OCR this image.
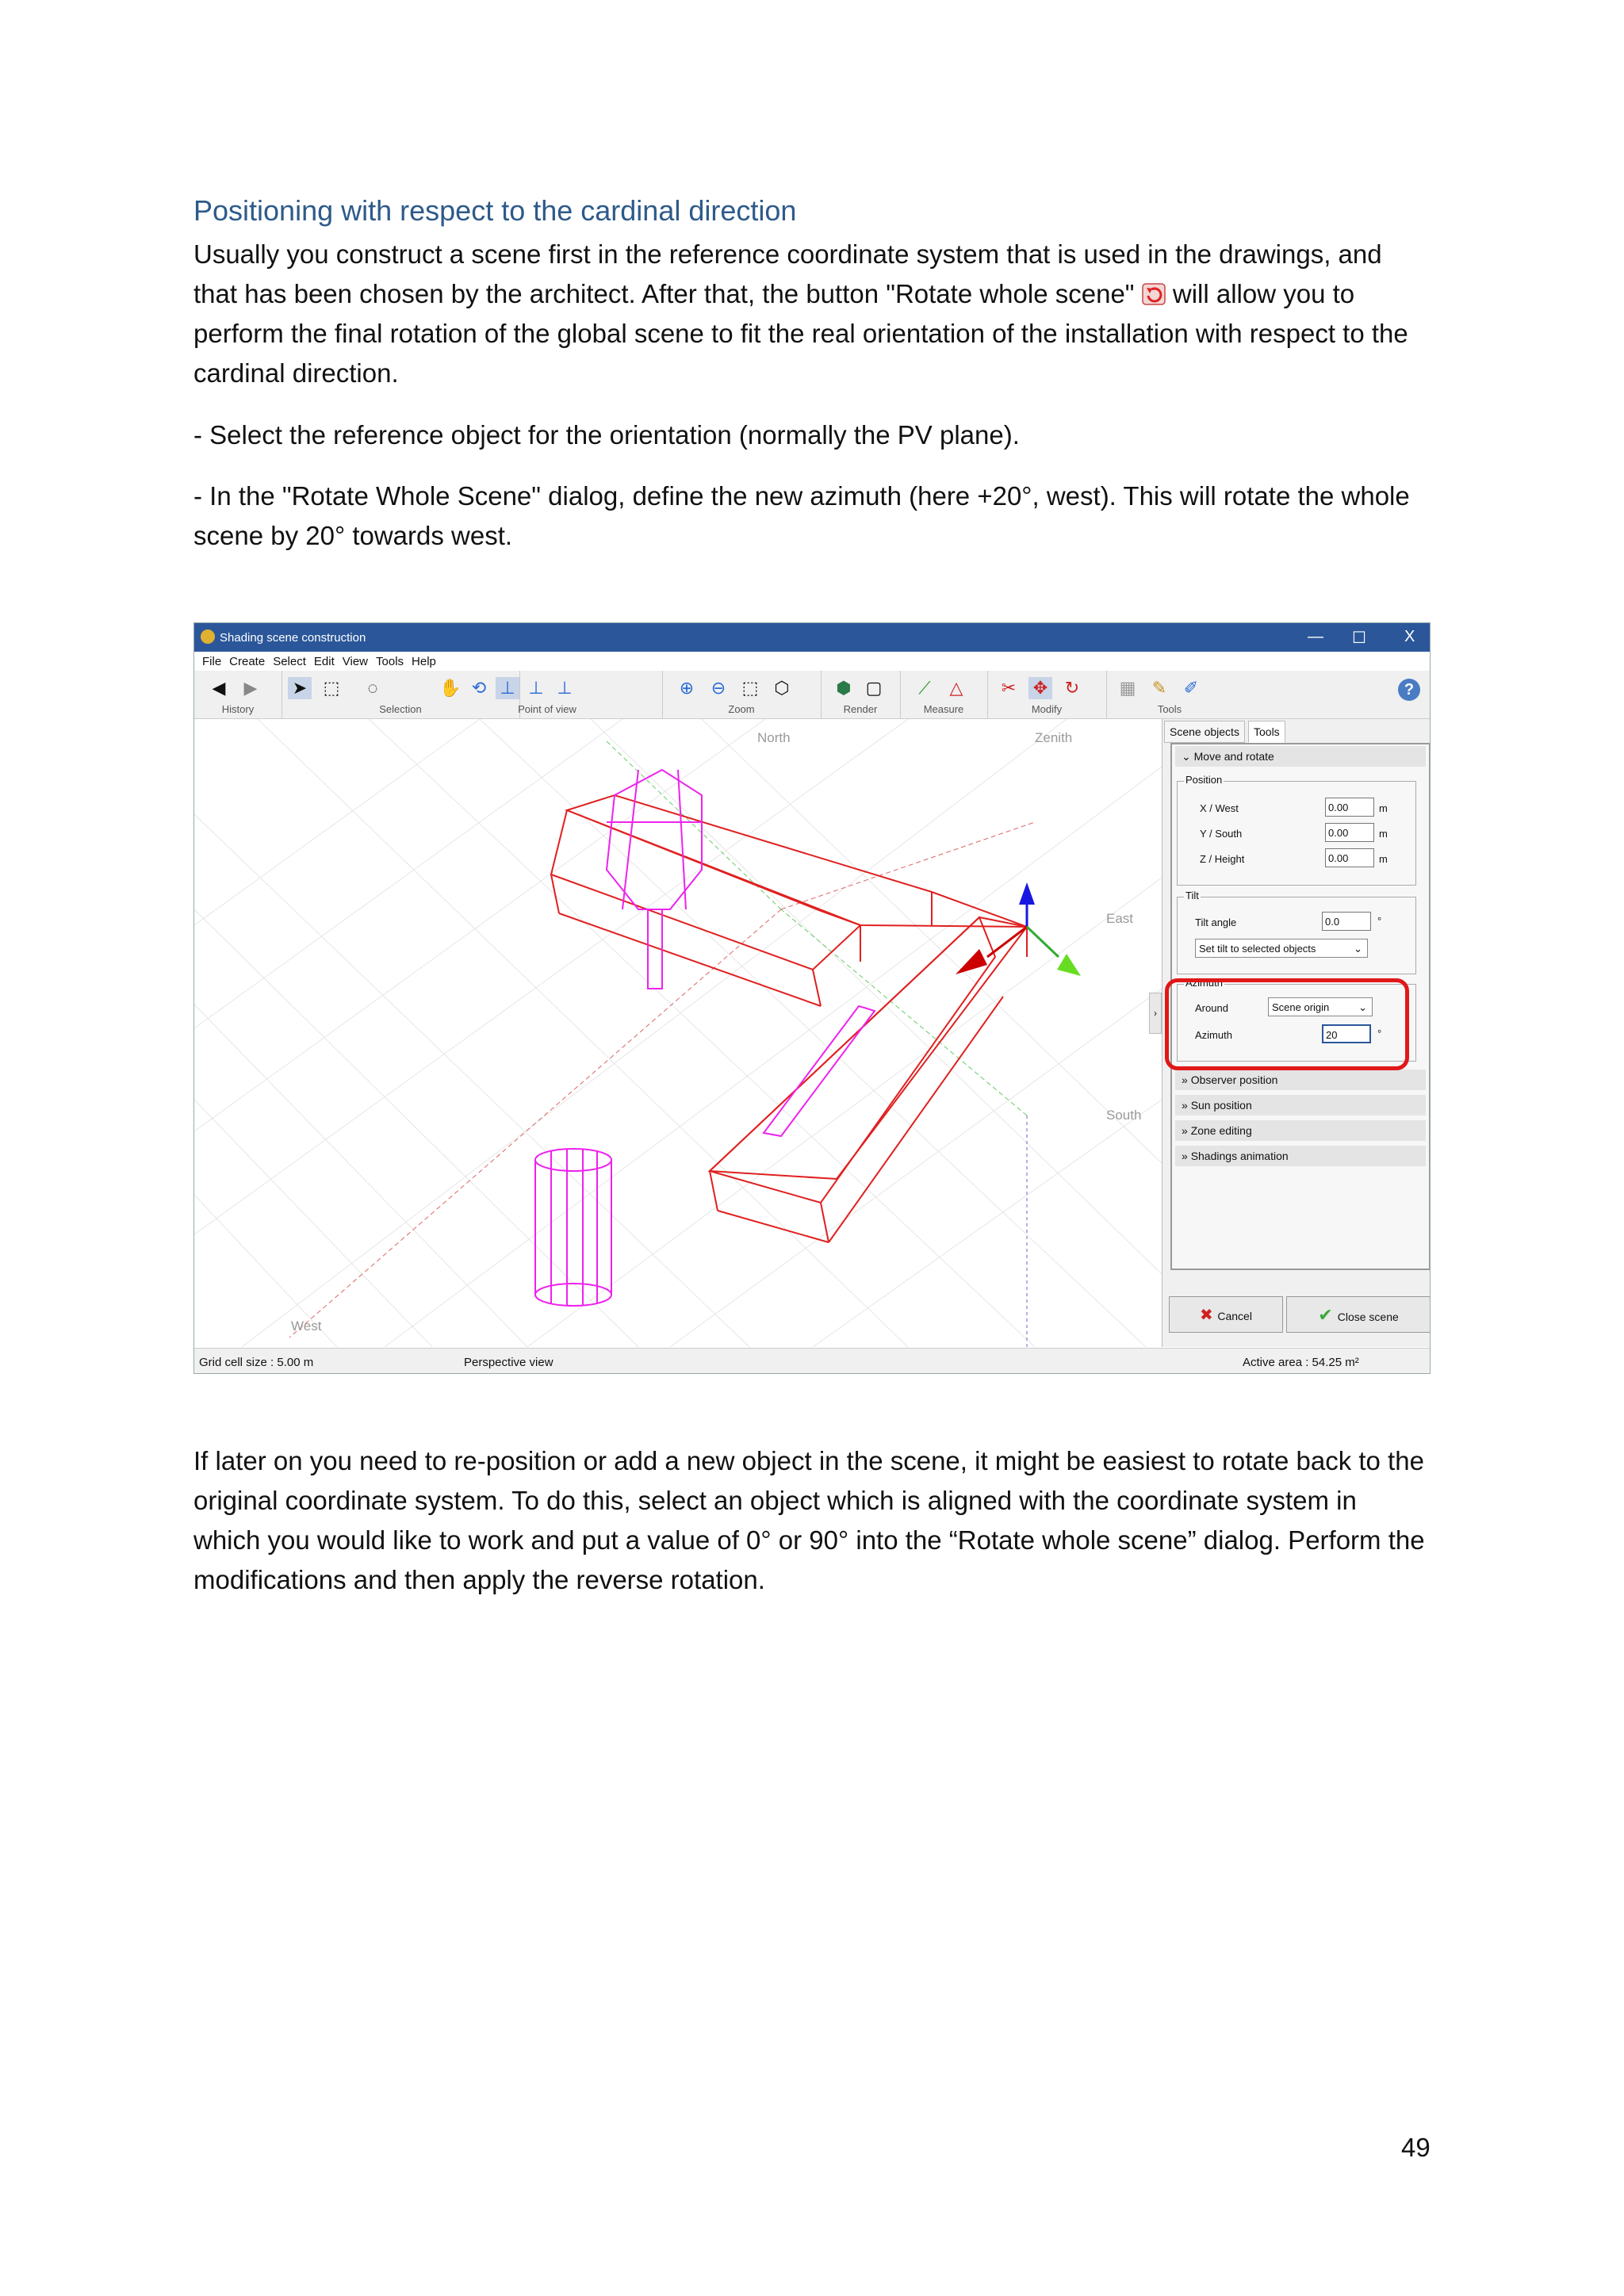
Positioning with respect to the cardinal direction
Usually you construct a scene first in the reference coordinate system that is used in the drawings, and that has been chosen by the architect. After that, the button "Rotate whole scene"  will allow you to perform the final rotation of the global scene to fit the real orientation of the installation with respect to the cardinal direction.
- Select the reference object for the orientation (normally the PV plane).
- In the "Rotate Whole Scene" dialog, define the new azimuth (here +20°, west). This will rotate the whole scene by 20° towards west.
Shading scene construction	— ☐ X
File Create Select Edit View Tools Help
◀ ▶
History
➤ ⬚	◌
Selection
✋ ⟲ ⊥ ⊥ ⊥
Point of view
⊕ ⊖ ⬚ ⬡
Zoom
⬢ ▢
Render
⟋	△
Measure
✂ ✥ ↻
Modify
▦ ✎ ✐
Tools
?
North	Zenith
East
South
West
›
Scene objects	Tools
⌄ Move and rotate
Position
X / West	0.00	m
Y / South	0.00	m
Z / Height	0.00	m
Tilt
Tilt angle	0.0	°
Set tilt to selected objects	⌄
Azimuth
Around	Scene origin	⌄
Azimuth	20	°
» Observer position
» Sun position
» Zone editing
» Shadings animation
✖ Cancel	✔ Close scene
Grid cell size : 5.00 m	Perspective view	Active area : 54.25 m²
If later on you need to re-position or add a new object in the scene, it might be easiest to rotate back to the original coordinate system. To do this, select an object which is aligned with the coordinate system in which you would like to work and put a value of 0° or 90° into the “Rotate whole scene” dialog. Perform the modifications and then apply the reverse rotation.
49
